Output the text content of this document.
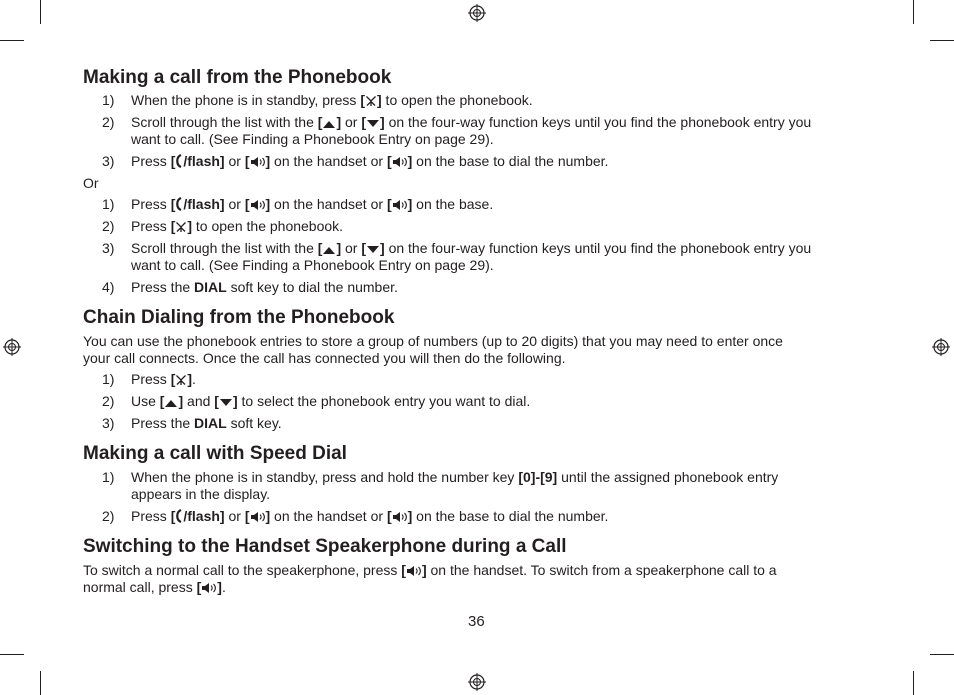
Making a call from the Phonebook
1) When the phone is in standby, press [ ] to open the phonebook.
2) Scroll through the list with the [ ] or [ ] on the four-way function keys until you find the phonebook entry you
want to call. (See Finding a Phonebook Entry on page 29).
3) Press [ /flash] or [ ] on the handset or [ ] on the base to dial the number.
Or
1) Press [ /flash] or [ ] on the handset or [ ] on the base.
2) Press [ ] to open the phonebook.
3) Scroll through the list with the [ ] or [ ] on the four-way function keys until you find the phonebook entry you
want to call. (See Finding a Phonebook Entry on page 29).
4) Press the DIAL soft key to dial the number.
Chain Dialing from the Phonebook
You can use the phonebook entries to store a group of numbers (up to 20 digits) that you may need to enter once
your call connects. Once the call has connected you will then do the following.
1) Press [ ].
2) Use [ ] and [ ] to select the phonebook entry you want to dial.
3) Press the DIAL soft key.
Making a call with Speed Dial
1) When the phone is in standby, press and hold the number key [0]-[9] until the assigned phonebook entry
appears in the display.
2) Press [ /flash] or [ ] on the handset or [ ] on the base to dial the number.
Switching to the Handset Speakerphone during a Call
To switch a normal call to the speakerphone, press [ ] on the handset. To switch from a speakerphone call to a
normal call, press [ ].
36
